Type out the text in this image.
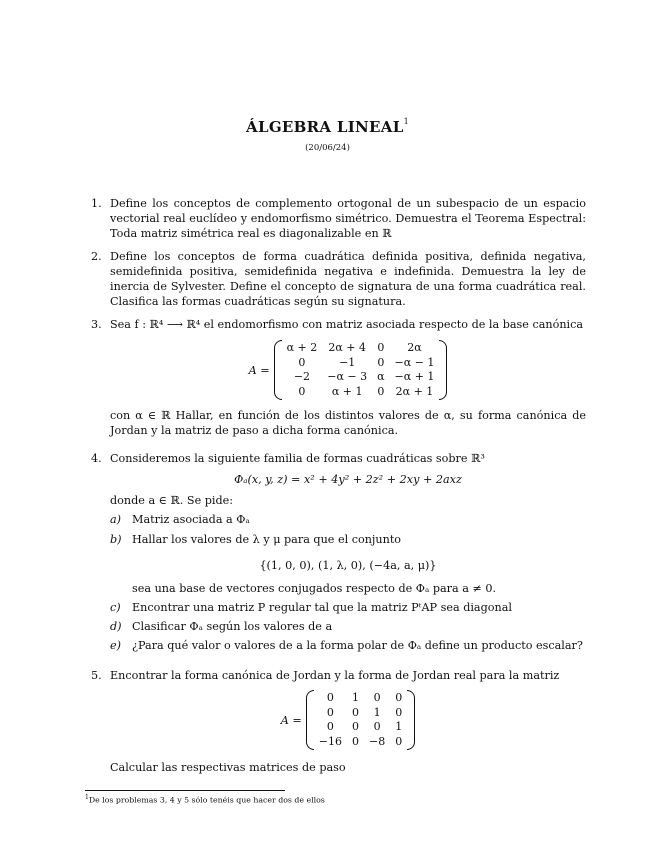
ÁLGEBRA LINEAL$^1$
(20/06/24)
1. Define los conceptos de complemento ortogonal de un subespacio de un espacio vectorial real euclídeo y endomorfismo simétrico. Demuestra el Teorema Espectral: Toda matriz simétrica real es diagonalizable en ℝ

2. Define los conceptos de forma cuadrática definida positiva, definida negativa, semidefinida positiva, semidefinida negativa e indefinida. Demuestra la ley de inercia de Sylvester. Define el concepto de signatura de una forma cuadrática real. Clasifica las formas cuadráticas según su signatura.

3. Sea f : ℝ⁴ ⟶ ℝ⁴ el endomorfismo con matriz asociada respecto de la base canónica

A =
α + 2	2α + 4	0	2α
0	−1	0	−α − 1
−2	−α − 3	α	−α + 1
0	α + 1	0	2α + 1

con α ∈ ℝ Hallar, en función de los distintos valores de α, su forma canónica de Jordan y la matriz de paso a dicha forma canónica.

4. Consideremos la siguiente familia de formas cuadráticas sobre ℝ³

Φₐ(x, y, z) = x² + 4y² + 2z² + 2xy + 2axz

donde a ∈ ℝ. Se pide:

a) Matriz asociada a Φₐ
b) Hallar los valores de λ y μ para que el conjunto

{(1, 0, 0), (1, λ, 0), (−4a, a, μ)}

sea una base de vectores conjugados respecto de Φₐ para a ≠ 0.

c)	Encontrar una matriz P regular tal que la matriz PᵗAP sea diagonal
d) Clasificar Φₐ según los valores de a
e) ¿Para qué valor o valores de a la forma polar de Φₐ define un producto escalar?
5. Encontrar la forma canónica de Jordan y la forma de Jordan real para la matriz

A =
0	1	0	0
0	0	1	0
0	0	0	1
−16	0	−8	0

Calcular las respectivas matrices de paso

$^1$De los problemas 3, 4 y 5 sólo tenéis que hacer dos de ellos
